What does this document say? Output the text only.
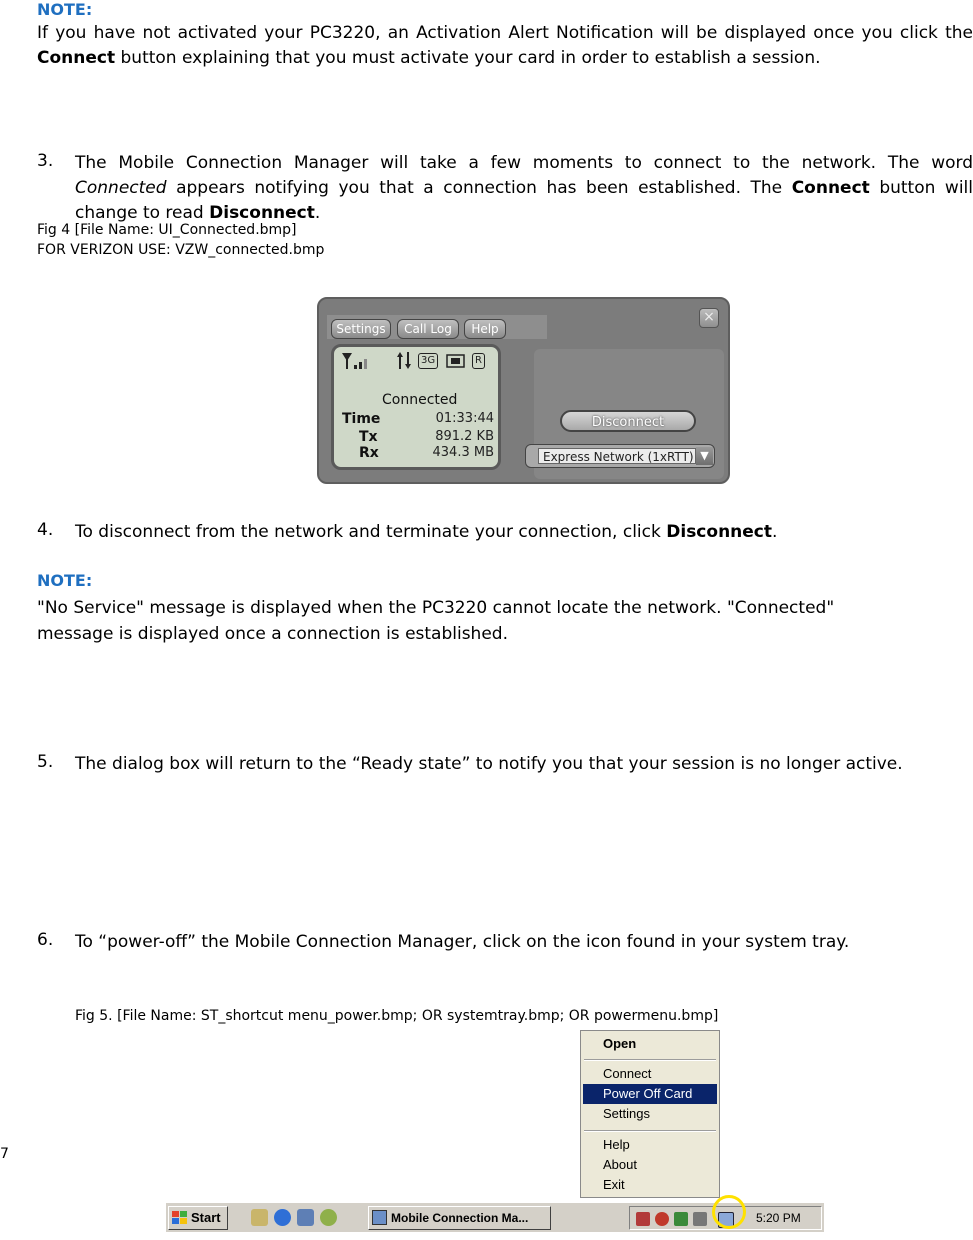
NOTE:
If you have not activated your PC3220, an Activation Alert Notification will be displayed once you click the Connect button explaining that you must activate your card in order to establish a session.
3. The Mobile Connection Manager will take a few moments to connect to the network. The word Connected appears notifying you that a connection has been established. The Connect button will change to read Disconnect.
Fig 4 [File Name: UI_Connected.bmp]
FOR VERIZON USE: VZW_connected.bmp
Settings	Call Log	Help
×
3G	R
Connected
Time	01:33:44
Tx	891.2 KB
Rx	434.3 MB
Disconnect
Express Network (1xRTT) ▼
4. To disconnect from the network and terminate your connection, click Disconnect.
NOTE:
"No Service" message is displayed when the PC3220 cannot locate the network. "Connected"
message is displayed once a connection is established.
5. The dialog box will return to the “Ready state” to notify you that your session is no longer active.
6. To “power-off” the Mobile Connection Manager, click on the icon found in your system tray.
Fig 5. [File Name: ST_shortcut menu_power.bmp; OR systemtray.bmp; OR powermenu.bmp]
7
Open
Connect
Power Off Card
Settings
Help
About
Exit
Start	Mobile Connection Ma...	5:20 PM
